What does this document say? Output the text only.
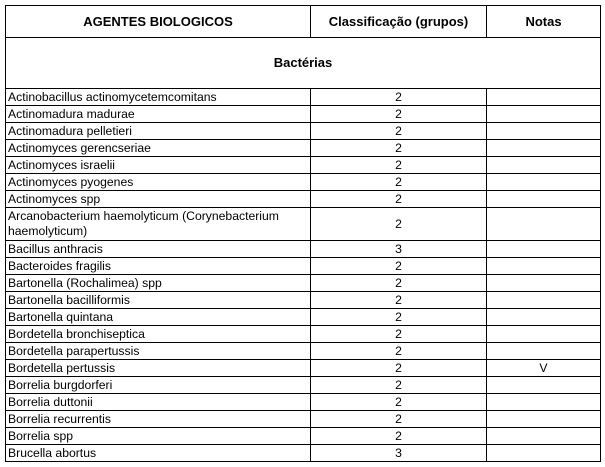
AGENTES BIOLOGICOS	Classificação (grupos)	Notas
Bactérias		
Actinobacillus actinomycetemcomitans	2	
Actinomadura madurae	2	
Actinomadura pelletieri	2	
Actinomyces gerencseriae	2	
Actinomyces israelii	2	
Actinomyces pyogenes	2	
Actinomyces spp	2	
Arcanobacterium haemolyticum (Corynebacterium haemolyticum)	2	
Bacillus anthracis	3	
Bacteroides fragilis	2	
Bartonella (Rochalimea) spp	2	
Bartonella bacilliformis	2	
Bartonella quintana	2	
Bordetella bronchiseptica	2	
Bordetella parapertussis	2	
Bordetella pertussis	2	V
Borrelia burgdorferi	2	
Borrelia duttonii	2	
Borrelia recurrentis	2	
Borrelia spp	2	
Brucella abortus	3	
